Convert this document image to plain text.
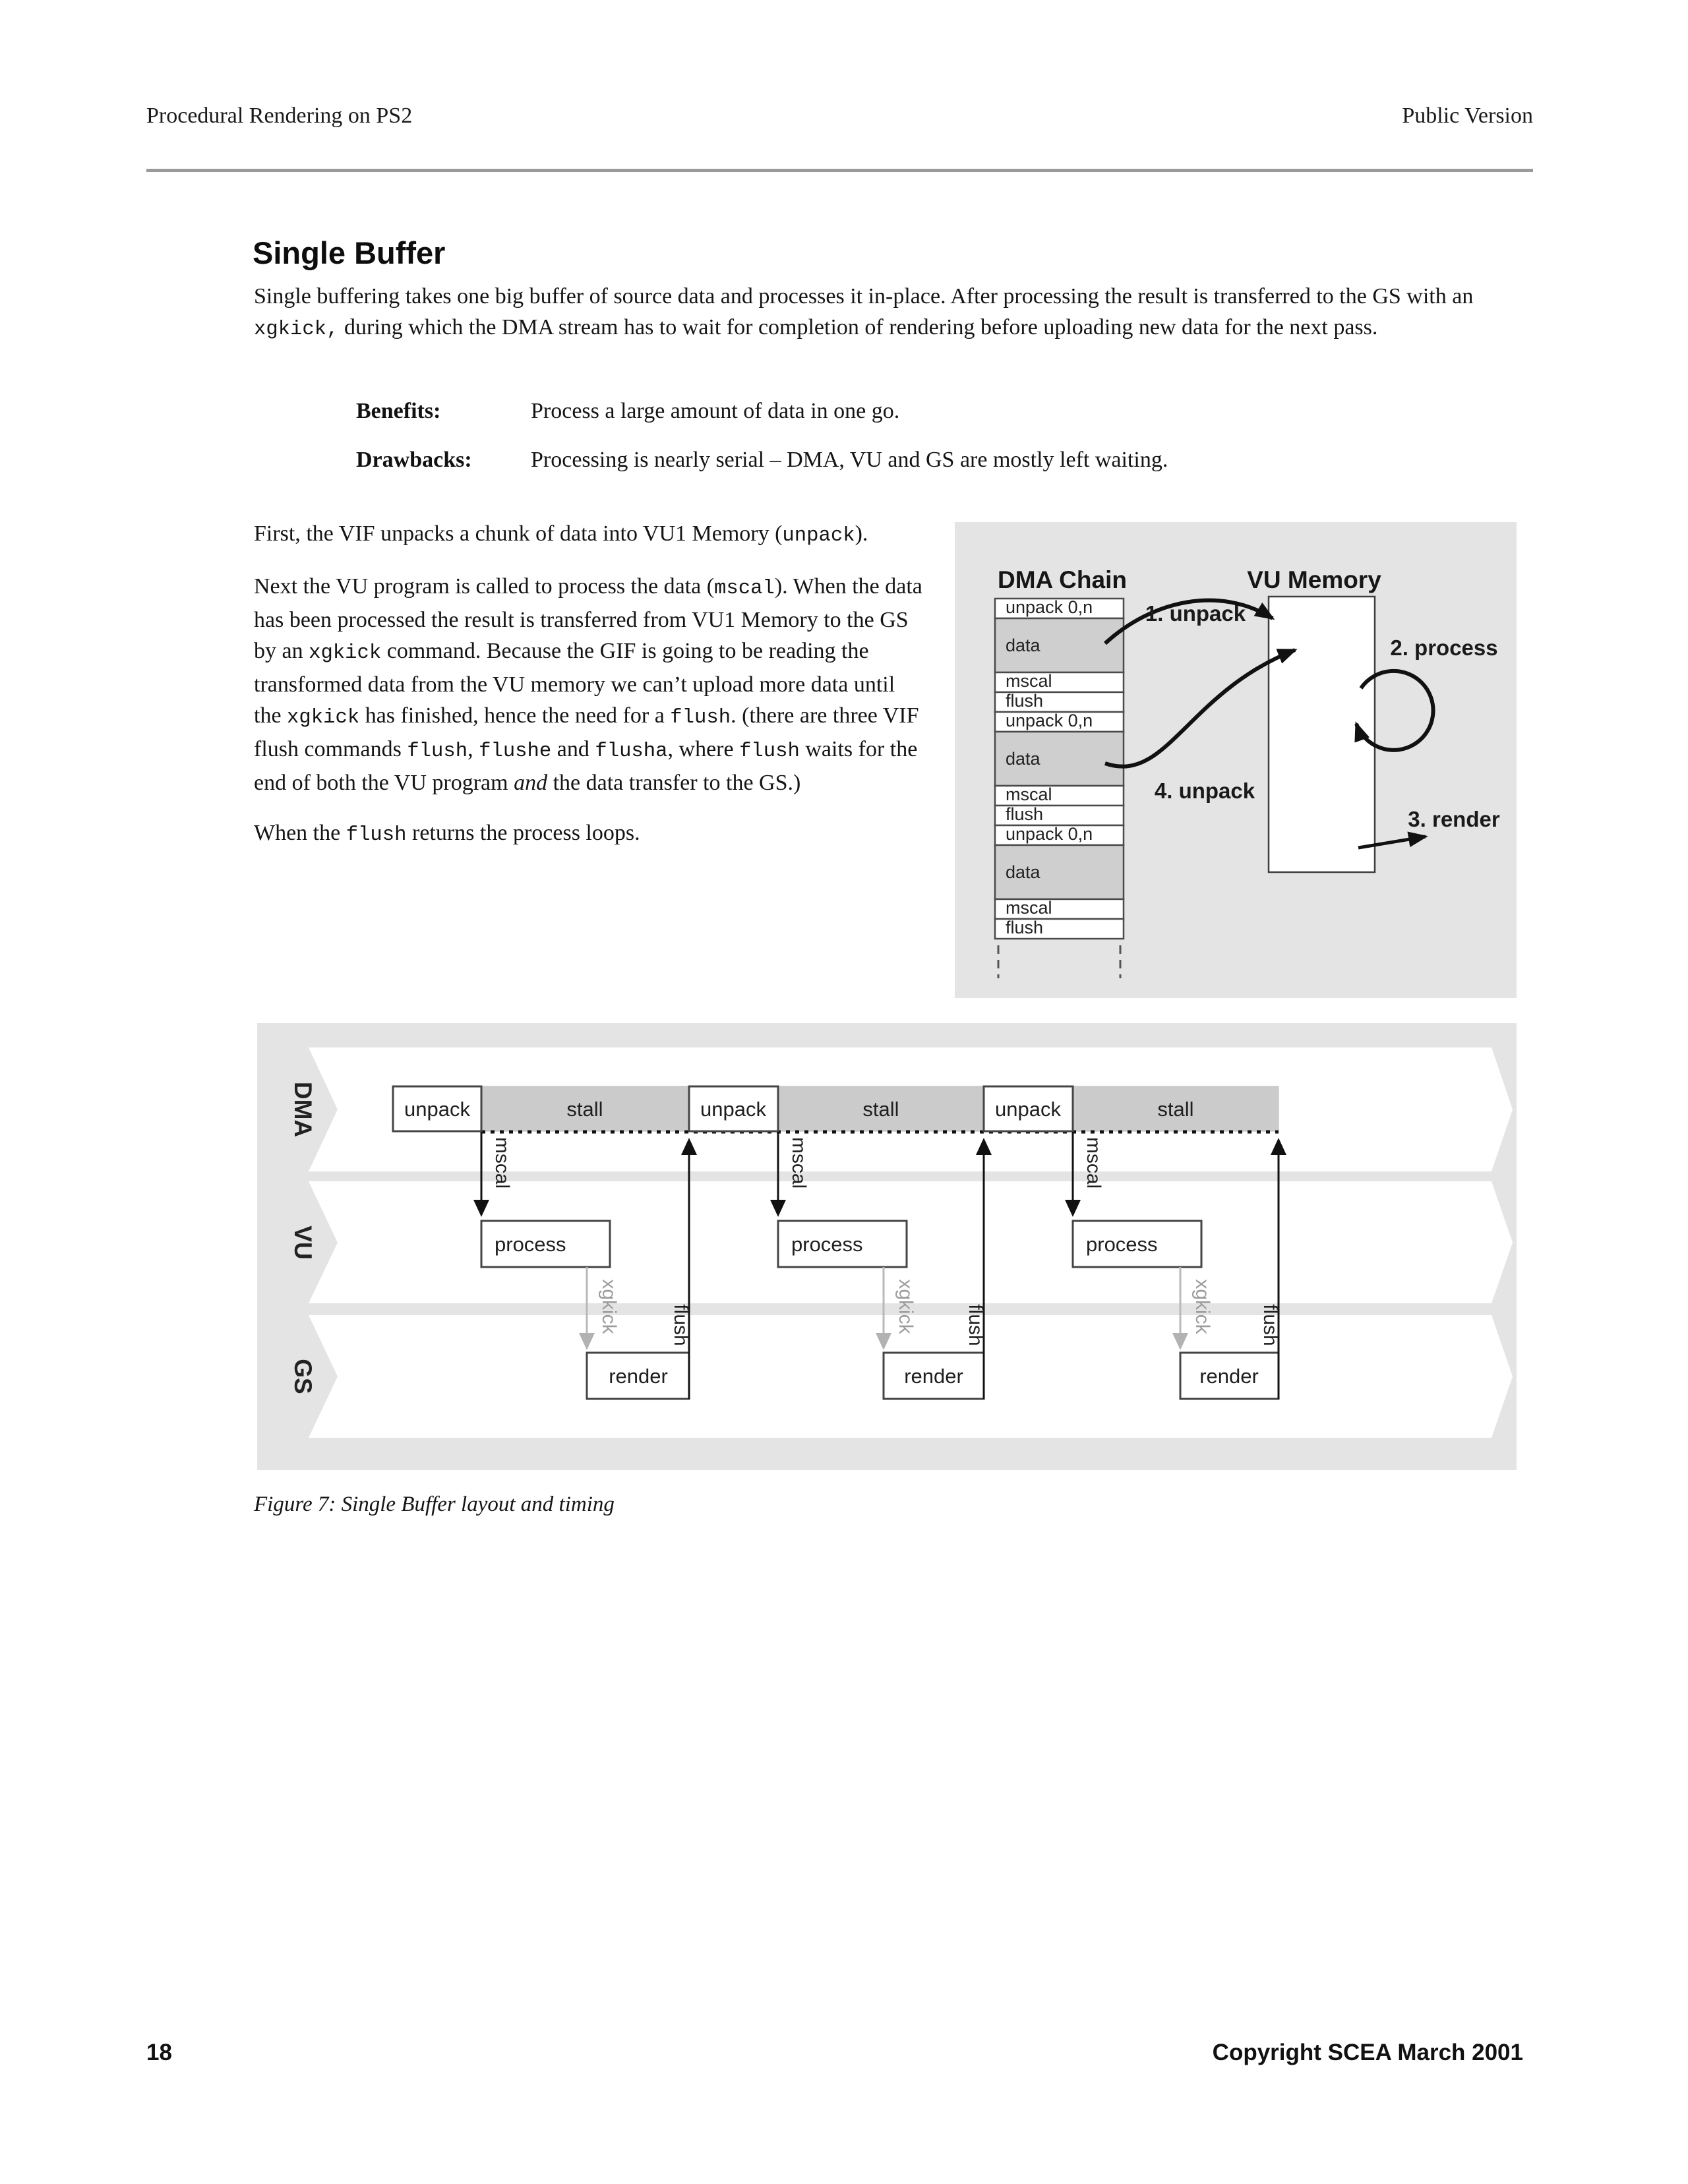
Procedural Rendering on PS2	Public Version
Single Buffer
Single buffering takes one big buffer of source data and processes it in-place. After processing the result is transferred to the GS with an xgkick, during which the DMA stream has to wait for completion of rendering before uploading new data for the next pass.
Benefits:	Process a large amount of data in one go.
Drawbacks:	Processing is nearly serial – DMA, VU and GS are mostly left waiting.
First, the VIF unpacks a chunk of data into VU1 Memory (unpack).
Next the VU program is called to process the data (mscal). When the data has been processed the result is transferred from VU1 Memory to the GS by an xgkick command. Because the GIF is going to be reading the transformed data from the VU memory we can’t upload more data until the xgkick has finished, hence the need for a flush. (there are three VIF flush commands flush, flushe and flusha, where flush waits for the end of both the VU program and the data transfer to the GS.)
When the flush returns the process loops.
DMA Chain	VU Memory
unpack 0,n
data
mscal
flush
unpack 0,n
data
mscal
flush
unpack 0,n
data
mscal
flush
1. unpack
2. process
4. unpack
3. render
DMA
VU
GS
unpack	unpack	unpack
stall	stall	stall
mscal	mscal	mscal
process	process	process
xgkick	xgkick	xgkick
render	render	render
flush	flush	flush
Figure 7: Single Buffer layout and timing
18	Copyright SCEA March 2001
